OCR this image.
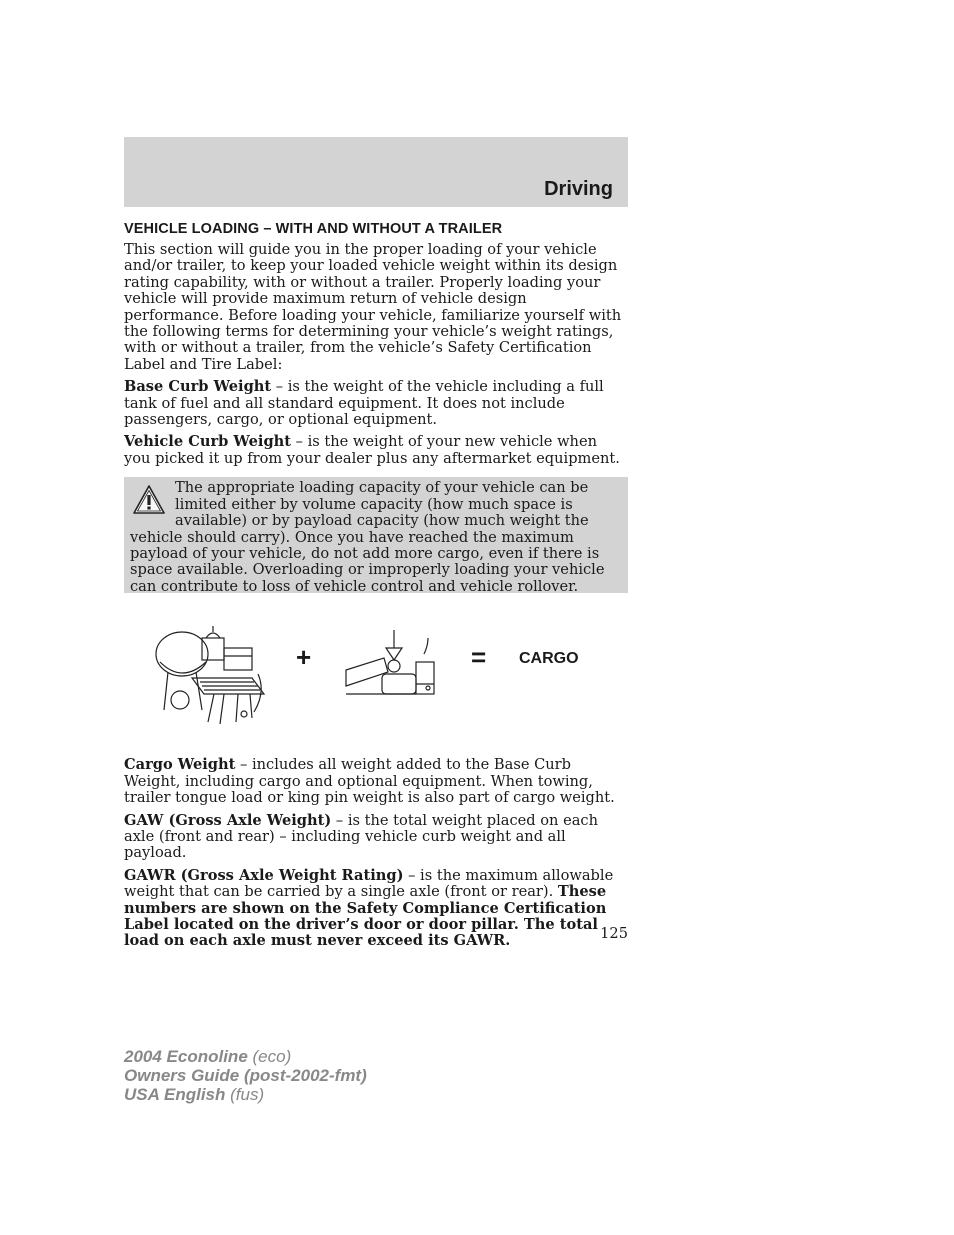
Driving
VEHICLE LOADING – WITH AND WITHOUT A TRAILER

This section will guide you in the proper loading of your vehicle and/or trailer, to keep your loaded vehicle weight within its design rating capability, with or without a trailer. Properly loading your vehicle will provide maximum return of vehicle design performance. Before loading your vehicle, familiarize yourself with the following terms for determining your vehicle’s weight ratings, with or without a trailer, from the vehicle’s Safety Certification Label and Tire Label:

Base Curb Weight – is the weight of the vehicle including a full tank of fuel and all standard equipment. It does not include passengers, cargo, or optional equipment.

Vehicle Curb Weight – is the weight of your new vehicle when you picked it up from your dealer plus any aftermarket equipment.

The appropriate loading capacity of your vehicle can be limited either by volume capacity (how much space is available) or by payload capacity (how much weight the vehicle should carry). Once you have reached the maximum payload of your vehicle, do not add more cargo, even if there is space available. Overloading or improperly loading your vehicle can contribute to loss of vehicle control and vehicle rollover.
+	= CARGO

Cargo Weight – includes all weight added to the Base Curb Weight, including cargo and optional equipment. When towing, trailer tongue load or king pin weight is also part of cargo weight.

GAW (Gross Axle Weight) – is the total weight placed on each axle (front and rear) – including vehicle curb weight and all payload.

GAWR (Gross Axle Weight Rating) – is the maximum allowable weight that can be carried by a single axle (front or rear). These numbers are shown on the Safety Compliance Certification Label located on the driver’s door or door pillar. The total load on each axle must never exceed its GAWR.	125
2004 Econoline (eco)
Owners Guide (post-2002-fmt)
USA English (fus)
